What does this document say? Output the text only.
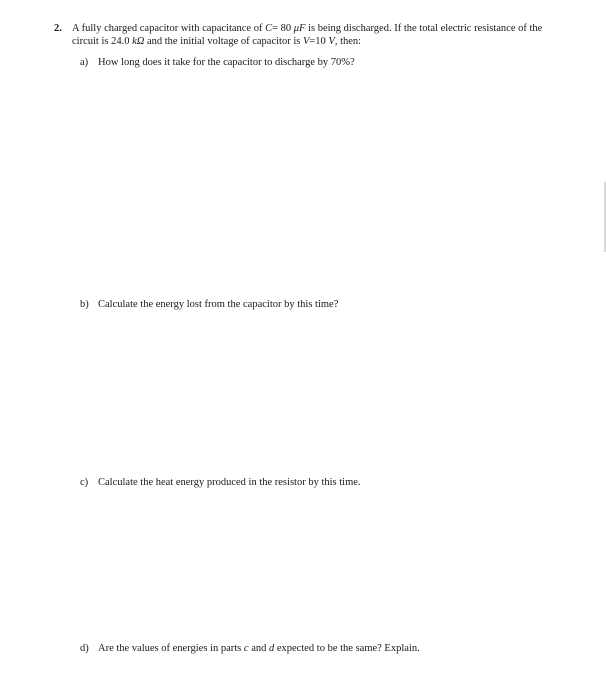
2. A fully charged capacitor with capacitance of C= 80 μF is being discharged. If the total electric resistance of the circuit is 24.0 kΩ and the initial voltage of capacitor is V=10 V, then:
a) How long does it take for the capacitor to discharge by 70%?
b) Calculate the energy lost from the capacitor by this time?
c) Calculate the heat energy produced in the resistor by this time.
d) Are the values of energies in parts c and d expected to be the same? Explain.
